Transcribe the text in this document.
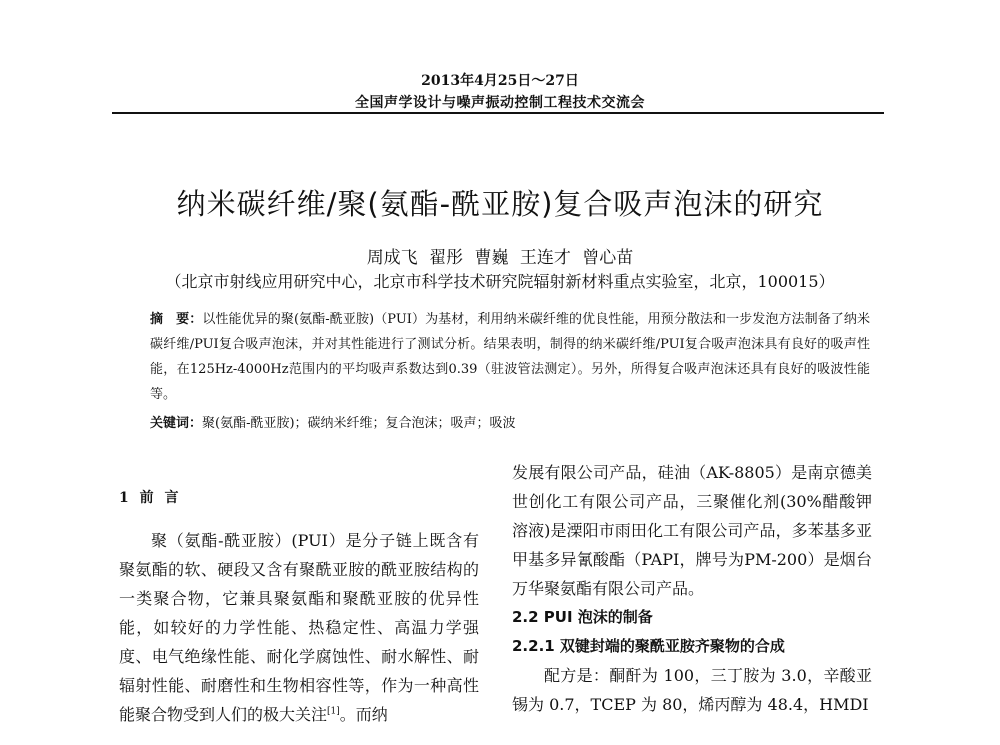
2013年4月25日～27日
全国声学设计与噪声振动控制工程技术交流会
纳米碳纤维/聚(氨酯-酰亚胺)复合吸声泡沫的研究
周成飞 翟彤 曹巍 王连才 曾心苗
（北京市射线应用研究中心，北京市科学技术研究院辐射新材料重点实验室，北京，100015）
摘　要：以性能优异的聚(氨酯-酰亚胺)（PUI）为基材，利用纳米碳纤维的优良性能，用预分散法和一步发泡方法制备了纳米碳纤维/PUI复合吸声泡沫，并对其性能进行了测试分析。结果表明，制得的纳米碳纤维/PUI复合吸声泡沫具有良好的吸声性能，在125Hz-4000Hz范围内的平均吸声系数达到0.39（驻波管法测定）。另外，所得复合吸声泡沫还具有良好的吸波性能等。
关键词：聚(氨酯-酰亚胺)；碳纳米纤维；复合泡沫；吸声；吸波
1 前 言

聚（氨酯-酰亚胺）(PUI）是分子链上既含有聚氨酯的软、硬段又含有聚酰亚胺的酰亚胺结构的一类聚合物，它兼具聚氨酯和聚酰亚胺的优异性能，如较好的力学性能、热稳定性、高温力学强度、电气绝缘性能、耐化学腐蚀性、耐水解性、耐辐射性能、耐磨性和生物相容性等，作为一种高性能聚合物受到人们的极大关注[1]。而纳

发展有限公司产品，硅油（AK-8805）是南京德美世创化工有限公司产品，三聚催化剂(30%醋酸钾溶液)是溧阳市雨田化工有限公司产品，多苯基多亚甲基多异氰酸酯（PAPI，牌号为PM-200）是烟台万华聚氨酯有限公司产品。

2.2 PUI 泡沫的制备

2.2.1 双键封端的聚酰亚胺齐聚物的合成

配方是：酮酐为 100，三丁胺为 3.0，辛酸亚锡为 0.7，TCEP 为 80，烯丙醇为 48.4，HMDI
